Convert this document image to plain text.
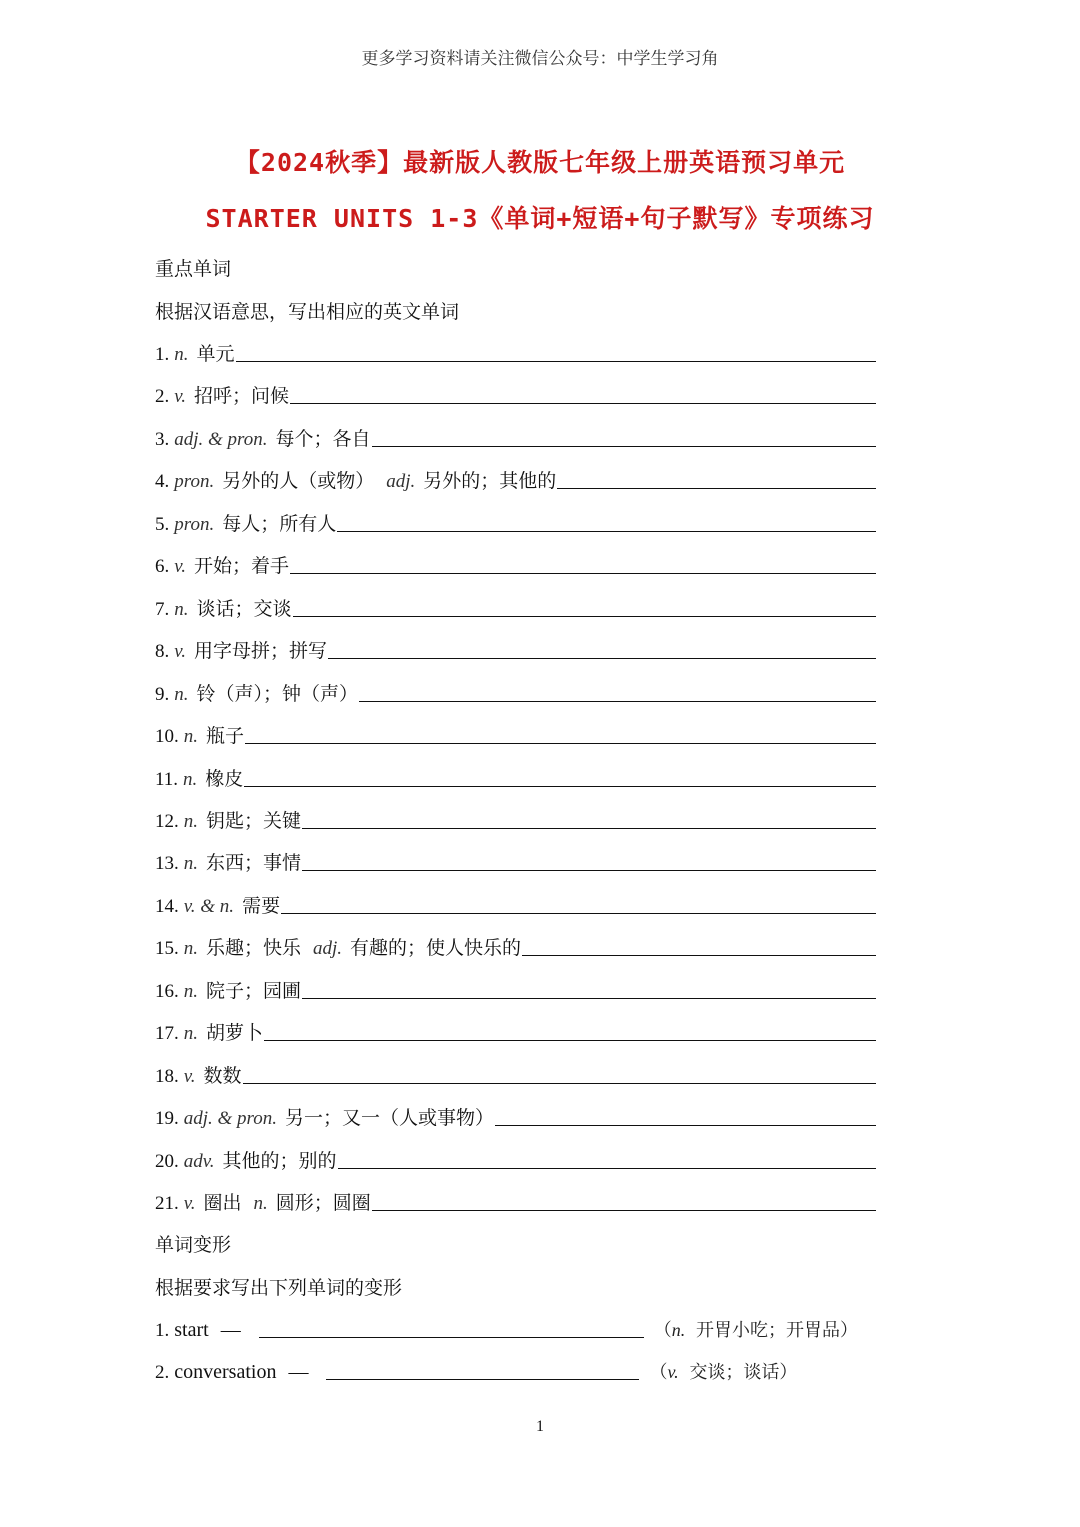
更多学习资料请关注微信公众号：中学生学习角
【2024秋季】最新版人教版七年级上册英语预习单元
STARTER UNITS 1-3《单词+短语+句子默写》专项练习
重点单词
根据汉语意思，写出相应的英文单词
1. n. 单元
2. v. 招呼；问候
3. adj. & pron. 每个；各自
4. pron. 另外的人（或物） adj. 另外的；其他的
5. pron. 每人；所有人
6. v. 开始；着手
7. n. 谈话；交谈
8. v. 用字母拼；拼写
9. n. 铃（声）；钟（声）
10. n. 瓶子
11. n. 橡皮
12. n. 钥匙；关键
13. n. 东西；事情
14. v. & n. 需要
15. n. 乐趣；快乐 adj. 有趣的；使人快乐的
16. n. 院子；园圃
17. n. 胡萝卜
18. v. 数数
19. adj. & pron. 另一；又一（人或事物）
20. adv. 其他的；别的
21. v. 圈出 n. 圆形；圆圈
单词变形
根据要求写出下列单词的变形
1. start —	（n. 开胃小吃；开胃品）
2. conversation —	（v. 交谈；谈话）
1
